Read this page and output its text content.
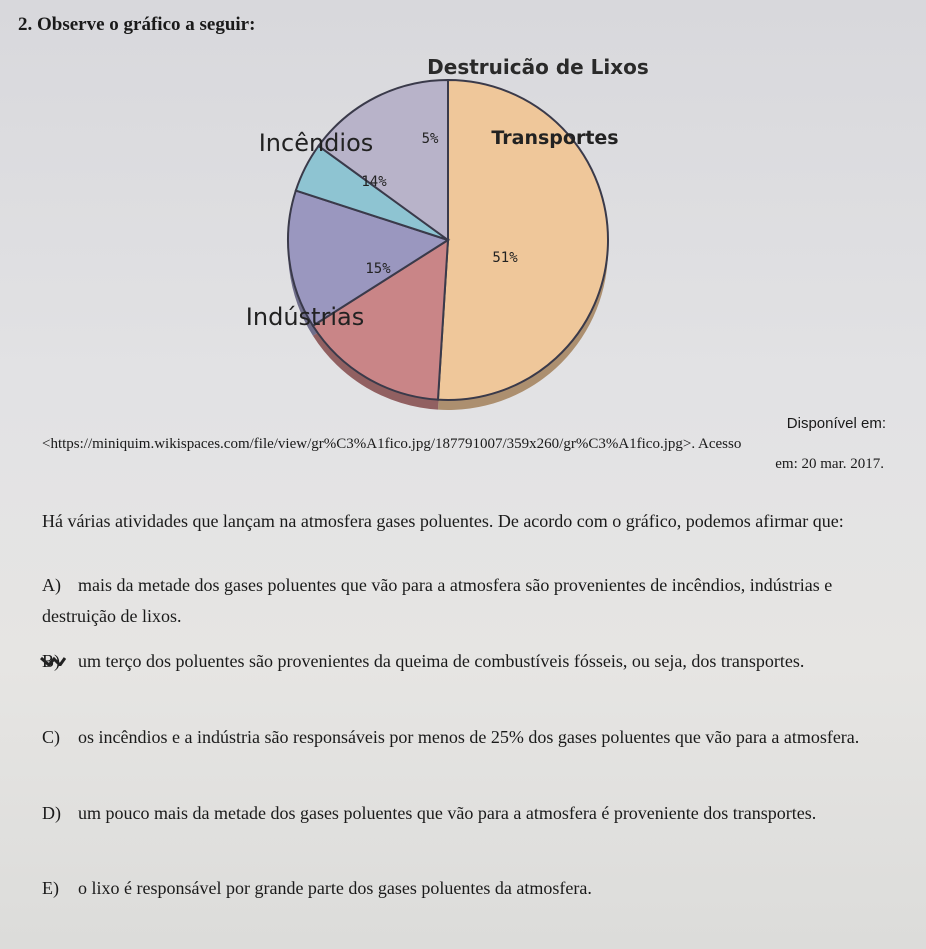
2. Observe o gráfico a seguir:
Destruicão de Lixos
Incêndios	Transportes
Indústrias
14%
5%
51%
15%
Disponível em:
<https://miniquim.wikispaces.com/file/view/gr%C3%A1fico.jpg/187791007/359x260/gr%C3%A1fico.jpg>. Acesso
em: 20 mar. 2017.
Há várias atividades que lançam na atmosfera gases poluentes. De acordo com o gráfico, podemos afirmar que:
A) mais da metade dos gases poluentes que vão para a atmosfera são provenientes de incêndios, indústrias e destruição de lixos.
B) um terço dos poluentes são provenientes da queima de combustíveis fósseis, ou seja, dos transportes.
C) os incêndios e a indústria são responsáveis por menos de 25% dos gases poluentes que vão para a atmosfera.
D) um pouco mais da metade dos gases poluentes que vão para a atmosfera é proveniente dos transportes.
E) o lixo é responsável por grande parte dos gases poluentes da atmosfera.
